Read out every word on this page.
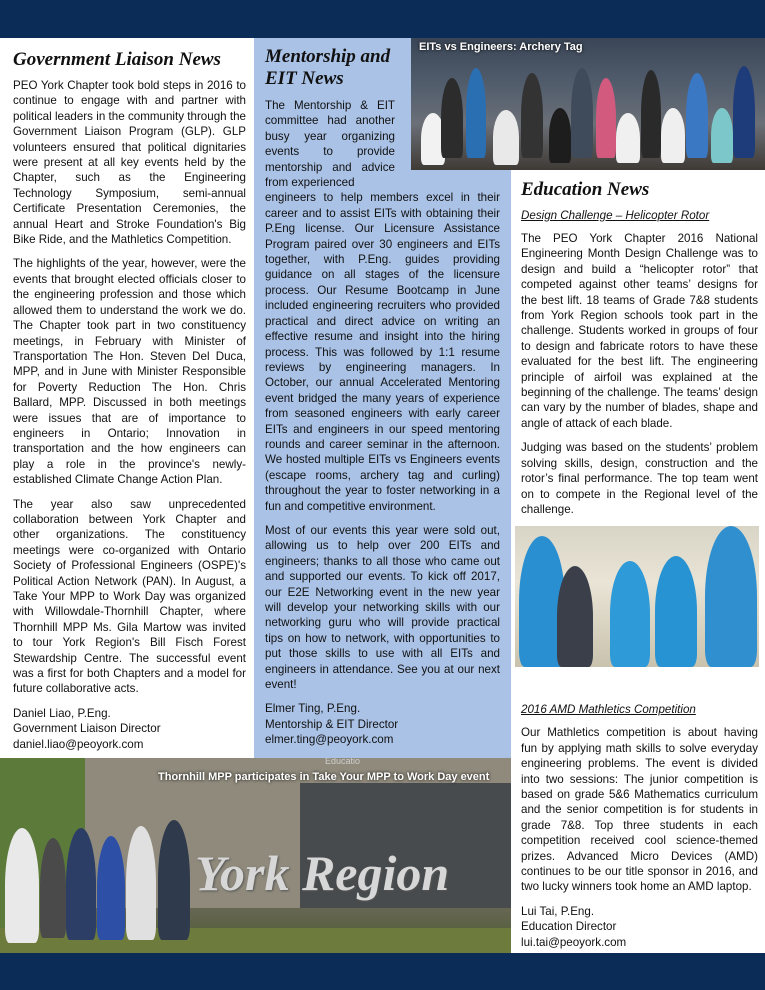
Government Liaison News

PEO York Chapter took bold steps in 2016 to continue to engage with and partner with political leaders in the community through the Government Liaison Program (GLP). GLP volunteers ensured that political dignitaries were present at all key events held by the Chapter, such as the Engineering Technology Symposium, semi-annual Certificate Presentation Ceremonies, the annual Heart and Stroke Foundation's Big Bike Ride, and the Mathletics Competition.

The highlights of the year, however, were the events that brought elected officials closer to the engineering profession and those which allowed them to understand the work we do. The Chapter took part in two constituency meetings, in February with Minister of Transportation The Hon. Steven Del Duca, MPP, and in June with Minister Responsible for Poverty Reduction The Hon. Chris Ballard, MPP. Discussed in both meetings were issues that are of importance to engineers in Ontario; Innovation in transportation and the how engineers can play a role in the province's newly-established Climate Change Action Plan.

The year also saw unprecedented collaboration between York Chapter and other organizations. The constituency meetings were co-organized with Ontario Society of Professional Engineers (OSPE)'s Political Action Network (PAN). In August, a Take Your MPP to Work Day was organized with Willowdale-Thornhill Chapter, where Thornhill MPP Ms. Gila Martow was invited to tour York Region's Bill Fisch Forest Stewardship Centre. The successful event was a first for both Chapters and a model for future collaborative acts.

Daniel Liao, P.Eng.
Government Liaison Director
daniel.liao@peoyork.com
Mentorship and EIT News

The Mentorship & EIT committee had another busy year organizing events to provide mentorship and advice from experienced

engineers to help members excel in their career and to assist EITs with obtaining their P.Eng license. Our Licensure Assistance Program paired over 30 engineers and EITs together, with P.Eng. guides providing guidance on all stages of the licensure process. Our Resume Bootcamp in June included engineering recruiters who provided practical and direct advice on writing an effective resume and insight into the hiring process. This was followed by 1:1 resume reviews by engineering managers. In October, our annual Accelerated Mentoring event bridged the many years of experience from seasoned engineers with early career EITs and engineers in our speed mentoring rounds and career seminar in the afternoon. We hosted multiple EITs vs Engineers events (escape rooms, archery tag and curling) throughout the year to foster networking in a fun and competitive environment.

Most of our events this year were sold out, allowing us to help over 200 EITs and engineers; thanks to all those who came out and supported our events. To kick off 2017, our E2E Networking event in the new year will develop your networking skills with our networking guru who will provide practical tips on how to network, with opportunities to put those skills to use with all EITs and engineers in attendance. See you at our next event!

Elmer Ting, P.Eng.
Mentorship & EIT Director
elmer.ting@peoyork.com
EITs vs Engineers: Archery Tag
Education News
Design Challenge – Helicopter Rotor

The PEO York Chapter 2016 National Engineering Month Design Challenge was to design and build a “helicopter rotor” that competed against other teams’ designs for the best lift. 18 teams of Grade 7&8 students from York Region schools took part in the challenge. Students worked in groups of four to design and fabricate rotors to have these evaluated for the best lift. The engineering principle of airfoil was explained at the beginning of the challenge. The teams’ design can vary by the number of blades, shape and angle of attack of each blade.

Judging was based on the students’ problem solving skills, design, construction and the rotor’s final performance. The top team went on to compete in the Regional level of the challenge.

2016 AMD Mathletics Competition

Our Mathletics competition is about having fun by applying math skills to solve everyday engineering problems. The event is divided into two sessions: The junior competition is based on grade 5&6 Mathematics curriculum and the senior competition is for students in grade 7&8. Top three students in each competition received cool science-themed prizes. Advanced Micro Devices (AMD) continues to be our title sponsor in 2016, and two lucky winners took home an AMD laptop.

Lui Tai, P.Eng.
Education Director
lui.tai@peoyork.com
Educatio
Thornhill MPP participates in Take Your MPP to Work Day event
York Region
